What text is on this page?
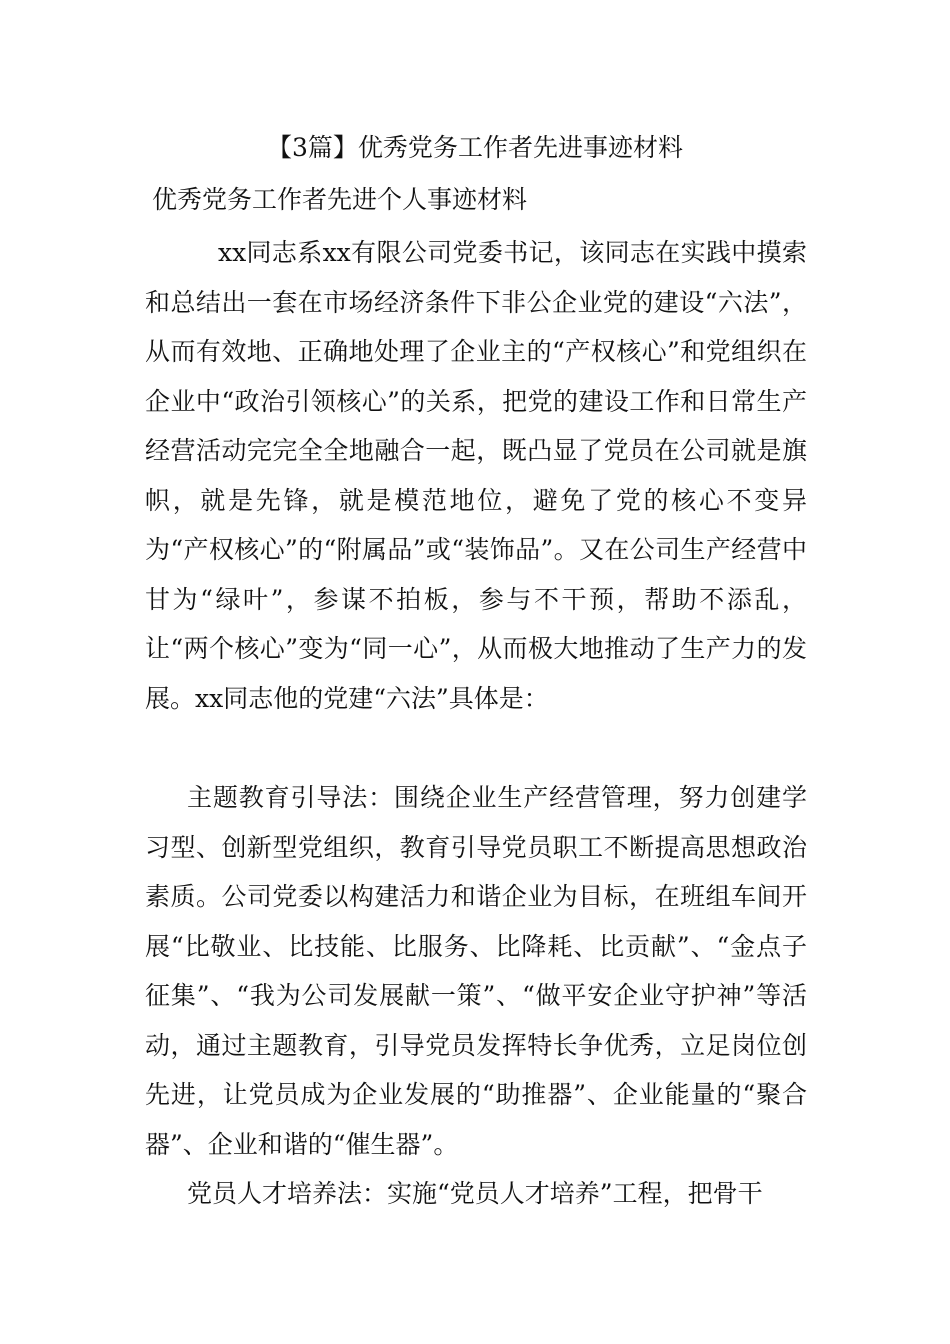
【3篇】优秀党务工作者先进事迹材料
优秀党务工作者先进个人事迹材料
xx同志系xx有限公司党委书记，该同志在实践中摸索和总结出一套在市场经济条件下非公企业党的建设“六法”，从而有效地、正确地处理了企业主的“产权核心”和党组织在企业中“政治引领核心”的关系，把党的建设工作和日常生产经营活动完完全全地融合一起，既凸显了党员在公司就是旗帜，就是先锋，就是模范地位，避免了党的核心不变异为“产权核心”的“附属品”或“装饰品”。又在公司生产经营中甘为“绿叶”，参谋不拍板，参与不干预，帮助不添乱，让“两个核心”变为“同一心”，从而极大地推动了生产力的发展。xx同志他的党建“六法”具体是：
主题教育引导法：围绕企业生产经营管理，努力创建学习型、创新型党组织，教育引导党员职工不断提高思想政治素质。公司党委以构建活力和谐企业为目标，在班组车间开展“比敬业、比技能、比服务、比降耗、比贡献”、“金点子征集”、“我为公司发展献一策”、“做平安企业守护神”等活动，通过主题教育，引导党员发挥特长争优秀，立足岗位创先进，让党员成为企业发展的“助推器”、企业能量的“聚合器”、企业和谐的“催生器”。
党员人才培养法：实施“党员人才培养”工程，把骨干
